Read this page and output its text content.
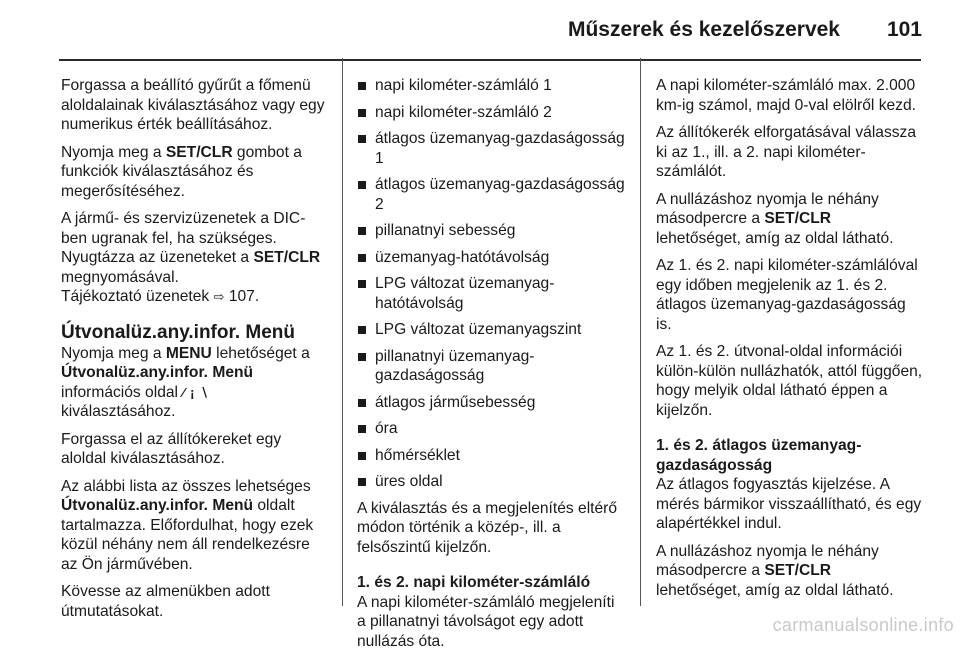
Műszerek és kezelőszervek 101

Forgassa a beállító gyűrűt a főmenü aloldalainak kiválasztásához vagy egy numerikus érték beállításához.

Nyomja meg a SET/CLR gombot a funkciók kiválasztásához és megerősítéséhez.

A jármű- és szervizüzenetek a DIC-ben ugranak fel, ha szükséges. Nyugtázza az üzeneteket a SET/CLR megnyomásával.
Tájékoztató üzenetek ⇨ 107.

Útvonalüz.any.infor. Menü

Nyomja meg a MENU lehetőséget a
Útvonalüz.any.infor. Menü
információs oldal ⁄ ¡ ∖
kiválasztásához.

Forgassa el az állítókereket egy aloldal kiválasztásához.

Az alábbi lista az összes lehetséges Útvonalüz.any.infor. Menü oldalt tartalmazza. Előfordulhat, hogy ezek közül néhány nem áll rendelkezésre az Ön járművében.

Kövesse az almenükben adott útmutatásokat.

napi kilométer-számláló 1
napi kilométer-számláló 2
átlagos üzemanyag-gazdaságosság 1
átlagos üzemanyag-gazdaságosság 2
pillanatnyi sebesség
üzemanyag-hatótávolság
LPG változat üzemanyag-hatótávolság
LPG változat üzemanyagszint
pillanatnyi üzemanyag-gazdaságosság
átlagos járműsebesség
óra
hőmérséklet
üres oldal

A kiválasztás és a megjelenítés eltérő módon történik a közép-, ill. a felsőszintű kijelzőn.

1. és 2. napi kilométer-számláló

A napi kilométer-számláló megjeleníti a pillanatnyi távolságot egy adott nullázás óta.

A napi kilométer-számláló max. 2.000 km-ig számol, majd 0-val elölről kezd.

Az állítókerék elforgatásával válassza ki az 1., ill. a 2. napi kilométer-számlálót.

A nullázáshoz nyomja le néhány másodpercre a SET/CLR
lehetőséget, amíg az oldal látható.

Az 1. és 2. napi kilométer-számlálóval egy időben megjelenik az 1. és 2. átlagos üzemanyag-gazdaságosság is.

Az 1. és 2. útvonal-oldal információi külön-külön nullázhatók, attól függően, hogy melyik oldal látható éppen a kijelzőn.

1. és 2. átlagos üzemanyag-gazdaságosság

Az átlagos fogyasztás kijelzése. A mérés bármikor visszaállítható, és egy alapértékkel indul.

A nullázáshoz nyomja le néhány másodpercre a SET/CLR
lehetőséget, amíg az oldal látható.

carmanualsonline.info
